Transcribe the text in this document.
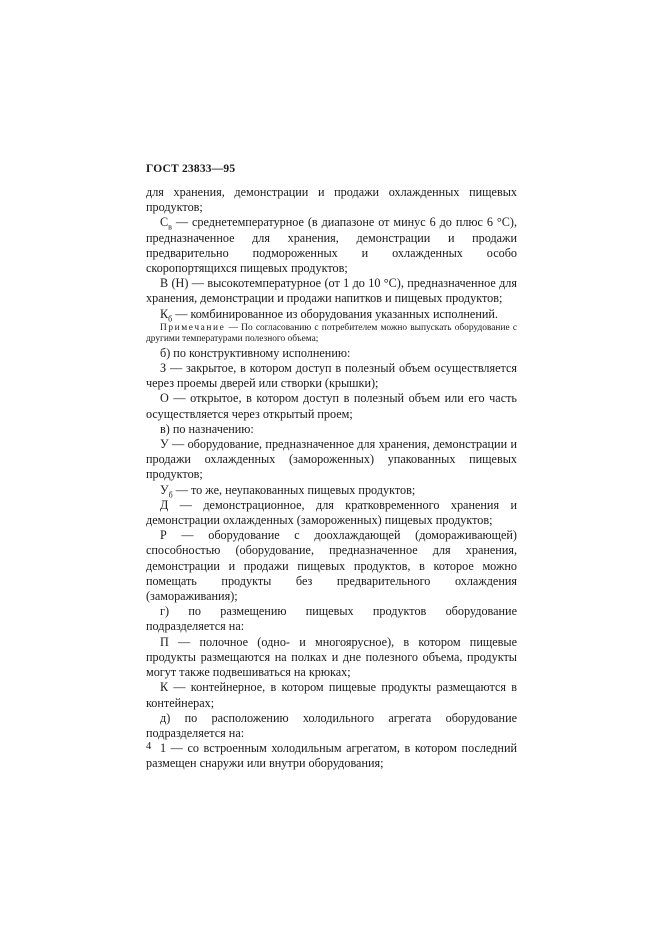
ГОСТ 23833—95

для хранения, демонстрации и продажи охлажденных пищевых продуктов;

$С_в$ — среднетемпературное (в диапазоне от минус 6 до плюс 6 °С), предназначенное для хранения, демонстрации и продажи предварительно подмороженных и охлажденных особо скоропортящихся пищевых продуктов;

В (Н) — высокотемпературное (от 1 до 10 °С), предназначенное для хранения, демонстрации и продажи напитков и пищевых продуктов;

$К_б$ — комбинированное из оборудования указанных исполнений.

Примечание — По согласованию с потребителем можно выпускать оборудование с другими температурами полезного объема;

б) по конструктивному исполнению:

З — закрытое, в котором доступ в полезный объем осуществляется через проемы дверей или створки (крышки);

О — открытое, в котором доступ в полезный объем или его часть осуществляется через открытый проем;

в) по назначению:

У — оборудование, предназначенное для хранения, демонстрации и продажи охлажденных (замороженных) упакованных пищевых продуктов;

$У_б$ — то же, неупакованных пищевых продуктов;

Д — демонстрационное, для кратковременного хранения и демонстрации охлажденных (замороженных) пищевых продуктов;

Р — оборудование с доохлаждающей (домораживающей) способностью (оборудование, предназначенное для хранения, демонстрации и продажи пищевых продуктов, в которое можно помещать продукты без предварительного охлаждения (замораживания);

г) по размещению пищевых продуктов оборудование подразделяется на:

П — полочное (одно- и многоярусное), в котором пищевые продукты размещаются на полках и дне полезного объема, продукты могут также подвешиваться на крюках;

К — контейнерное, в котором пищевые продукты размещаются в контейнерах;

д) по расположению холодильного агрегата оборудование подразделяется на:

1 — со встроенным холодильным агрегатом, в котором последний размещен снаружи или внутри оборудования;

4
